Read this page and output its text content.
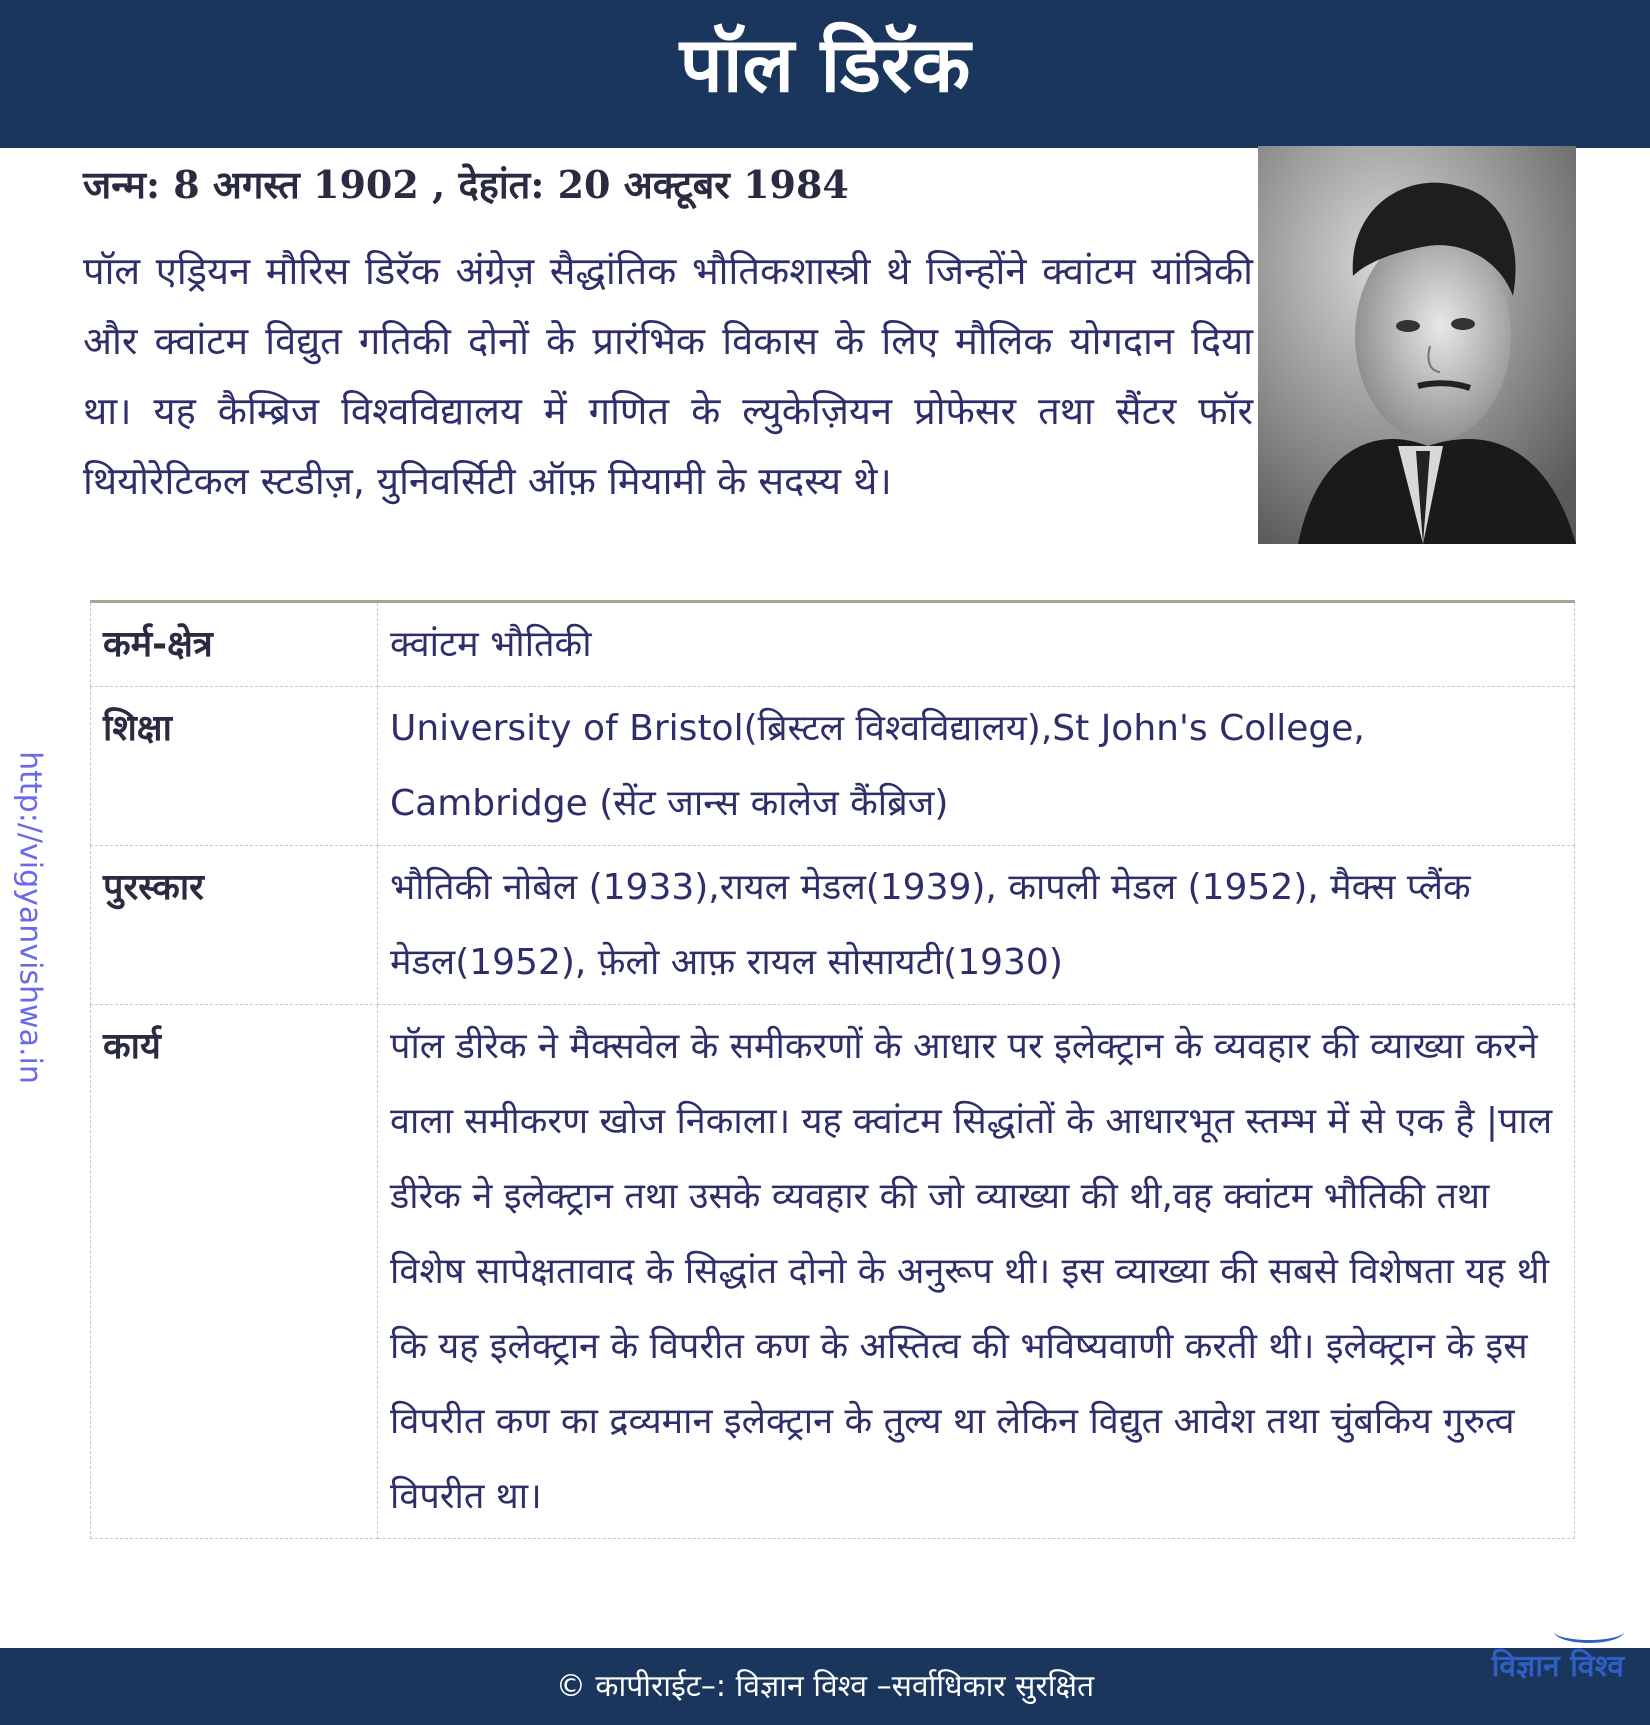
पॉल डिरॅक
जन्म: 8 अगस्त 1902 , देहांत: 20 अक्टूबर 1984
पॉल एड्रियन मौरिस डिरॅक अंग्रेज़ सैद्धांतिक भौतिकशास्त्री थे जिन्होंने क्वांटम यांत्रिकी और क्वांटम विद्युत गतिकी दोनों के प्रारंभिक विकास के लिए मौलिक योगदान दिया था। यह कैम्ब्रिज विश्वविद्यालय में गणित के ल्युकेज़ियन प्रोफेसर तथा सैंटर फॉर थियोरेटिकल स्टडीज़, युनिवर्सिटी ऑफ़ मियामी के सदस्य थे।
http://vigyanvishwa.in
कर्म-क्षेत्र	क्वांटम भौतिकी
शिक्षा	University of Bristol(ब्रिस्टल विश्वविद्यालय),St John's College, Cambridge (सेंट जान्स कालेज कैंब्रिज)
पुरस्कार	भौतिकी नोबेल (1933),रायल मेडल(1939), कापली मेडल (1952), मैक्स प्लैंक मेडल(1952), फ़ेलो आफ़ रायल सोसायटी(1930)
कार्य	पॉल डीरेक ने मैक्सवेल के समीकरणों के आधार पर इलेक्ट्रान के व्यवहार की व्याख्या करने वाला समीकरण खोज निकाला। यह क्वांटम सिद्धांतों के आधारभूत स्तम्भ में से एक है |पाल डीरेक ने इलेक्ट्रान तथा उसके व्यवहार की जो व्याख्या की थी,वह क्वांटम भौतिकी तथा विशेष सापेक्षतावाद के सिद्धांत दोनो के अनुरूप थी। इस व्याख्या की सबसे विशेषता यह थी कि यह इलेक्ट्रान के विपरीत कण के अस्तित्व की भविष्यवाणी करती थी। इलेक्ट्रान के इस विपरीत कण का द्रव्यमान इलेक्ट्रान के तुल्य था लेकिन विद्युत आवेश तथा चुंबकिय गुरुत्व विपरीत था।
© कापीराईट–: विज्ञान विश्व –सर्वाधिकार सुरक्षित
विज्ञान विश्व
